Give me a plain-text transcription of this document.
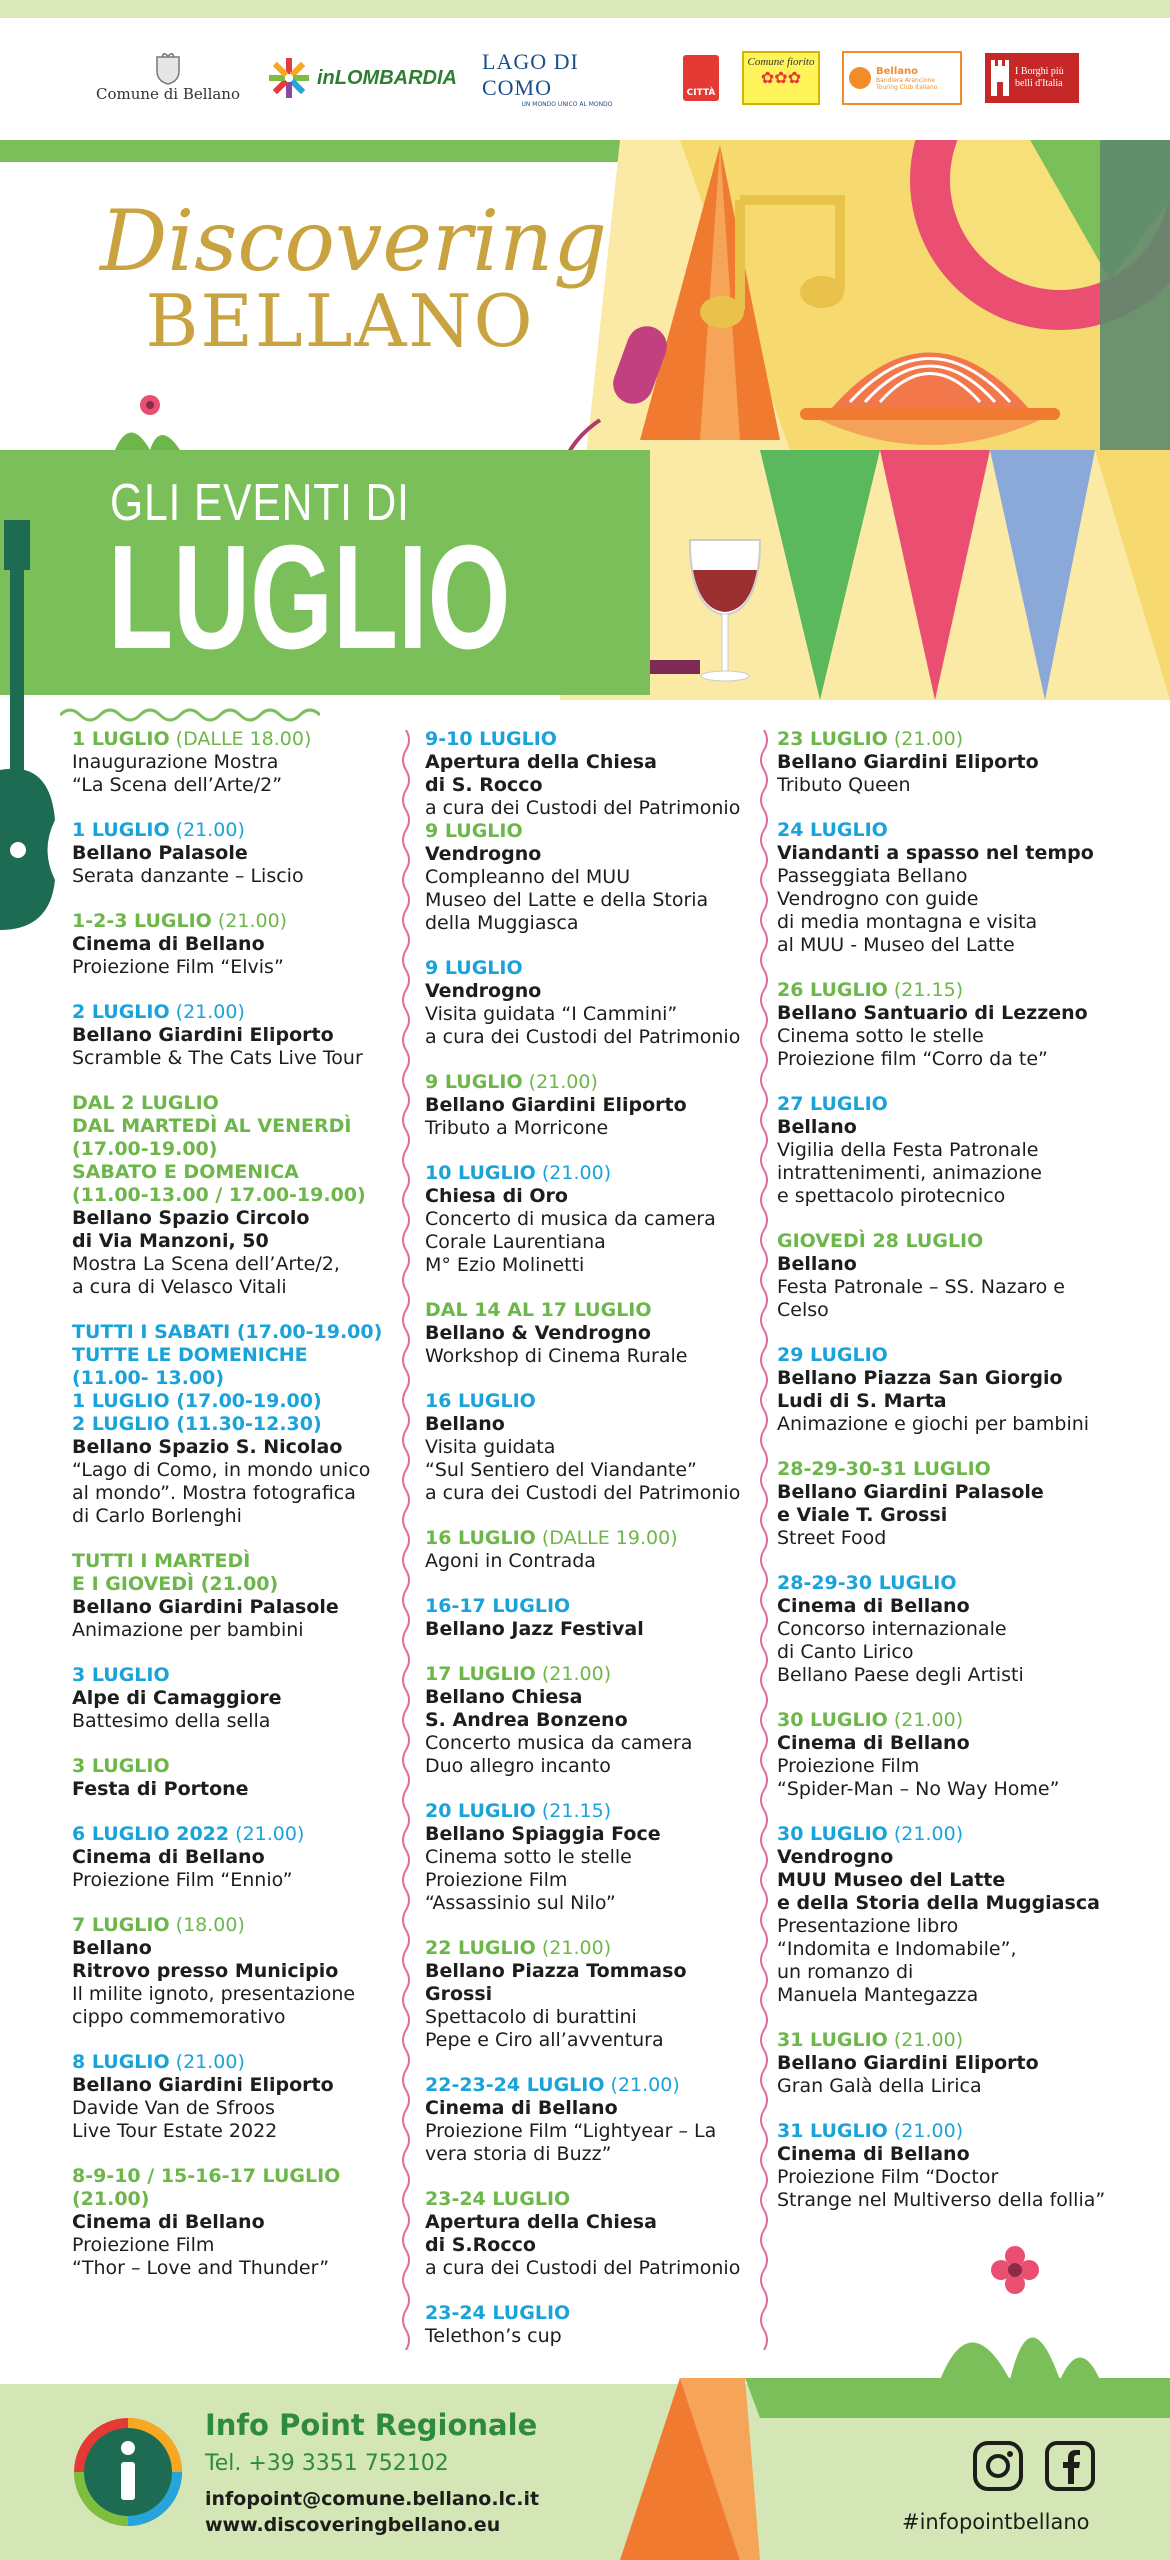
Comune di Bellano
inLOMBARDIA
LAGO DI COMO
UN MONDO UNICO AL MONDO
CITTÀ
Comune fiorito
✿✿✿	Bellano
Bandiera Arancione Touring Club Italiano
I Borghi più belli d'Italia
Discovering
BELLANO
GLI EVENTI DI
LUGLIO
1 LUGLIO (DALLE 18.00)
Inaugurazione Mostra
“La Scena dell’Arte/2”
1 LUGLIO (21.00)
Bellano Palasole
Serata danzante – Liscio
1-2-3 LUGLIO (21.00)
Cinema di Bellano
Proiezione Film “Elvis”
2 LUGLIO (21.00)
Bellano Giardini Eliporto
Scramble & The Cats Live Tour
DAL 2 LUGLIO
DAL MARTEDÌ AL VENERDÌ
(17.00-19.00)
SABATO E DOMENICA
(11.00-13.00 / 17.00-19.00)
Bellano Spazio Circolo
di Via Manzoni, 50
Mostra La Scena dell’Arte/2,
a cura di Velasco Vitali
TUTTI I SABATI (17.00-19.00)
TUTTE LE DOMENICHE
(11.00- 13.00)
1 LUGLIO (17.00-19.00)
2 LUGLIO (11.30-12.30)
Bellano Spazio S. Nicolao
“Lago di Como, in mondo unico
al mondo”. Mostra fotografica
di Carlo Borlenghi
TUTTI I MARTEDÌ
E I GIOVEDÌ (21.00)
Bellano Giardini Palasole
Animazione per bambini
3 LUGLIO
Alpe di Camaggiore
Battesimo della sella
3 LUGLIO
Festa di Portone
6 LUGLIO 2022 (21.00)
Cinema di Bellano
Proiezione Film “Ennio”
7 LUGLIO (18.00)
Bellano
Ritrovo presso Municipio
Il milite ignoto, presentazione
cippo commemorativo
8 LUGLIO (21.00)
Bellano Giardini Eliporto
Davide Van de Sfroos
Live Tour Estate 2022
8-9-10 / 15-16-17 LUGLIO
(21.00)
Cinema di Bellano
Proiezione Film
“Thor – Love and Thunder”
9-10 LUGLIO
Apertura della Chiesa
di S. Rocco
a cura dei Custodi del Patrimonio
9 LUGLIO
Vendrogno
Compleanno del MUU
Museo del Latte e della Storia
della Muggiasca
9 LUGLIO
Vendrogno
Visita guidata “I Cammini”
a cura dei Custodi del Patrimonio
9 LUGLIO (21.00)
Bellano Giardini Eliporto
Tributo a Morricone
10 LUGLIO (21.00)
Chiesa di Oro
Concerto di musica da camera
Corale Laurentiana
M° Ezio Molinetti
DAL 14 AL 17 LUGLIO
Bellano & Vendrogno
Workshop di Cinema Rurale
16 LUGLIO
Bellano
Visita guidata
“Sul Sentiero del Viandante”
a cura dei Custodi del Patrimonio
16 LUGLIO (DALLE 19.00)
Agoni in Contrada
16-17 LUGLIO
Bellano Jazz Festival
17 LUGLIO (21.00)
Bellano Chiesa
S. Andrea Bonzeno
Concerto musica da camera
Duo allegro incanto
20 LUGLIO (21.15)
Bellano Spiaggia Foce
Cinema sotto le stelle
Proiezione Film
“Assassinio sul Nilo”
22 LUGLIO (21.00)
Bellano Piazza Tommaso Grossi
Spettacolo di burattini
Pepe e Ciro all’avventura
22-23-24 LUGLIO (21.00)
Cinema di Bellano
Proiezione Film “Lightyear – La
vera storia di Buzz”
23-24 LUGLIO
Apertura della Chiesa
di S.Rocco
a cura dei Custodi del Patrimonio
23-24 LUGLIO
Telethon’s cup
23 LUGLIO (21.00)
Bellano Giardini Eliporto
Tributo Queen
24 LUGLIO
Viandanti a spasso nel tempo
Passeggiata Bellano
Vendrogno con guide
di media montagna e visita
al MUU - Museo del Latte
26 LUGLIO (21.15)
Bellano Santuario di Lezzeno
Cinema sotto le stelle
Proiezione film “Corro da te”
27 LUGLIO
Bellano
Vigilia della Festa Patronale
intrattenimenti, animazione
e spettacolo pirotecnico
GIOVEDÌ 28 LUGLIO
Bellano
Festa Patronale – SS. Nazaro e
Celso
29 LUGLIO
Bellano Piazza San Giorgio
Ludi di S. Marta
Animazione e giochi per bambini
28-29-30-31 LUGLIO
Bellano Giardini Palasole
e Viale T. Grossi
Street Food
28-29-30 LUGLIO
Cinema di Bellano
Concorso internazionale
di Canto Lirico
Bellano Paese degli Artisti
30 LUGLIO (21.00)
Cinema di Bellano
Proiezione Film
“Spider-Man – No Way Home”
30 LUGLIO (21.00)
Vendrogno
MUU Museo del Latte
e della Storia della Muggiasca
Presentazione libro
“Indomita e Indomabile”,
un romanzo di
Manuela Mantegazza
31 LUGLIO (21.00)
Bellano Giardini Eliporto
Gran Galà della Lirica
31 LUGLIO (21.00)
Cinema di Bellano
Proiezione Film “Doctor
Strange nel Multiverso della follia”
Info Point Regionale
Tel. +39 3351 752102
infopoint@comune.bellano.lc.it
www.discoveringbellano.eu	#infopointbellano
